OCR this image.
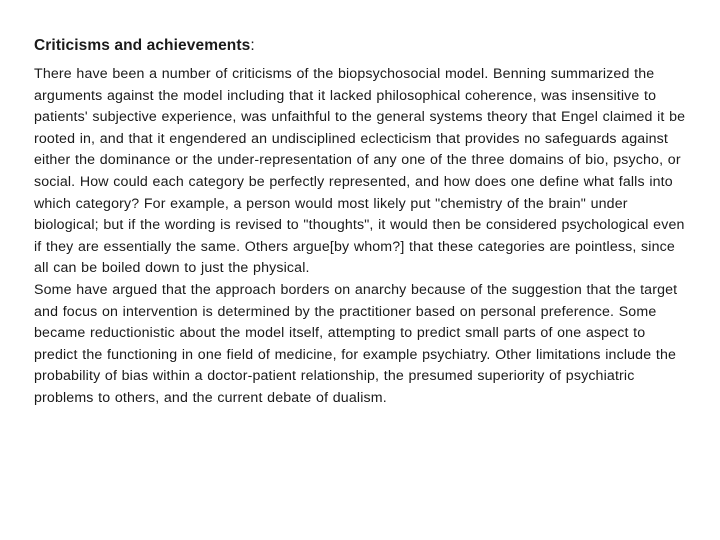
Criticisms and achievements:

There have been a number of criticisms of the biopsychosocial model. Benning summarized the arguments against the model including that it lacked philosophical coherence, was insensitive to patients' subjective experience, was unfaithful to the general systems theory that Engel claimed it be rooted in, and that it engendered an undisciplined eclecticism that provides no safeguards against either the dominance or the under-representation of any one of the three domains of bio, psycho, or social. How could each category be perfectly represented, and how does one define what falls into which category? For example, a person would most likely put "chemistry of the brain" under biological; but if the wording is revised to "thoughts", it would then be considered psychological even if they are essentially the same. Others argue[by whom?] that these categories are pointless, since all can be boiled down to just the physical.

Some have argued that the approach borders on anarchy because of the suggestion that the target and focus on intervention is determined by the practitioner based on personal preference. Some became reductionistic about the model itself, attempting to predict small parts of one aspect to predict the functioning in one field of medicine, for example psychiatry. Other limitations include the probability of bias within a doctor-patient relationship, the presumed superiority of psychiatric problems to others, and the current debate of dualism.
